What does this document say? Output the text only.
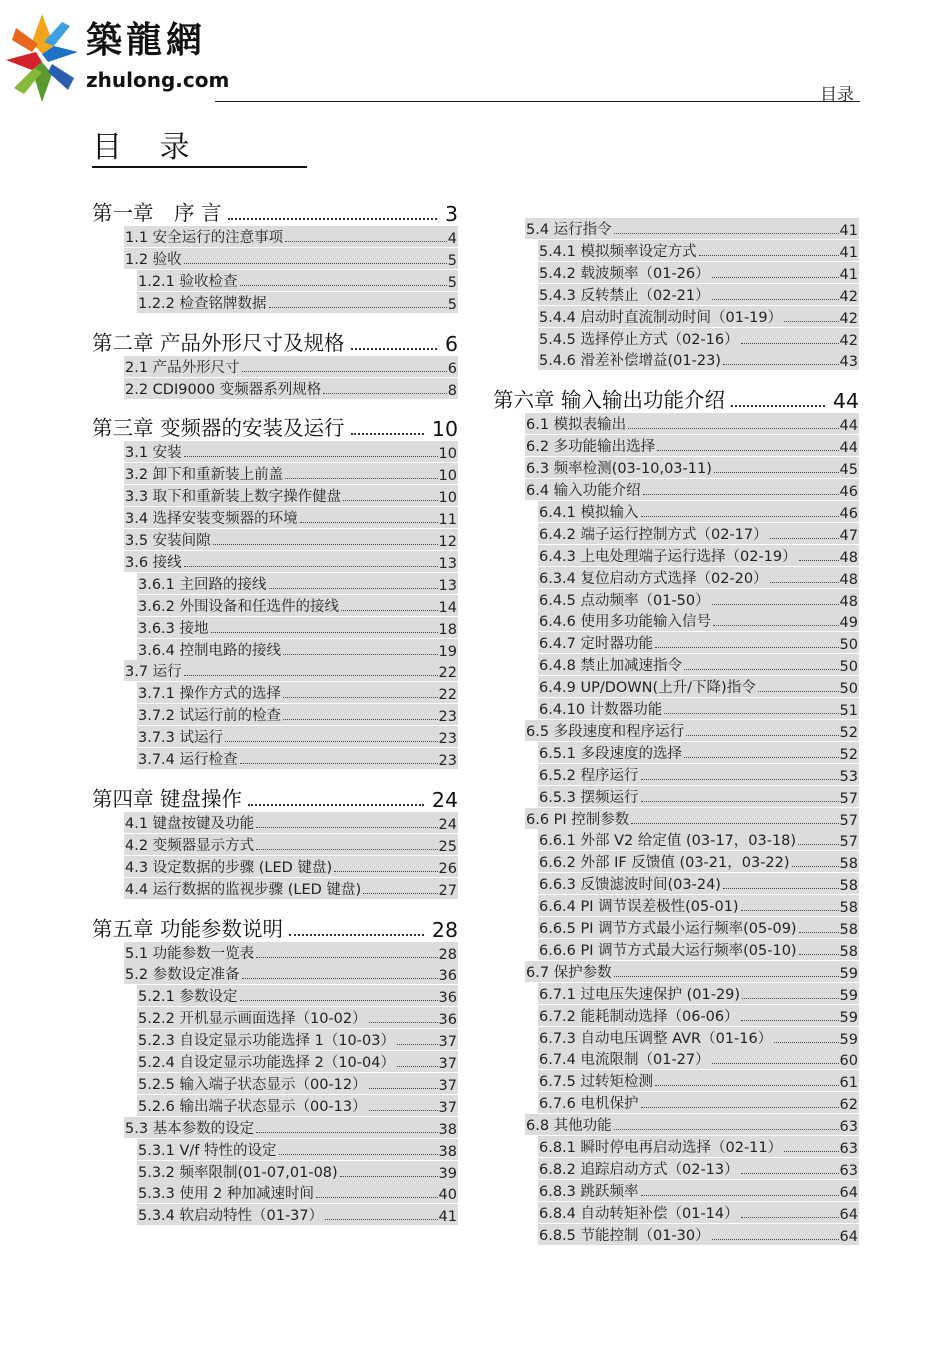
築龍網
zhulong.com
目录
目 录
第一章　序 言	3
1.1 安全运行的注意事项	4
1.2 验收	5
1.2.1 验收检查	5
1.2.2 检查铭牌数据	5
第二章 产品外形尺寸及规格	6
2.1 产品外形尺寸	6
2.2 CDI9000 变频器系列规格	8
第三章 变频器的安装及运行	10
3.1 安装	10
3.2 卸下和重新装上前盖	10
3.3 取下和重新装上数字操作健盘	10
3.4 选择安装变频器的环境	11
3.5 安装间隙	12
3.6 接线	13
3.6.1 主回路的接线	13
3.6.2 外围设备和任选件的接线	14
3.6.3 接地	18
3.6.4 控制电路的接线	19
3.7 运行	22
3.7.1 操作方式的选择	22
3.7.2 试运行前的检查	23
3.7.3 试运行	23
3.7.4 运行检查	23
第四章 键盘操作	24
4.1 键盘按键及功能	24
4.2 变频器显示方式	25
4.3 设定数据的步骤 (LED 键盘)	26
4.4 运行数据的监视步骤 (LED 键盘)	27
第五章 功能参数说明	28
5.1 功能参数一览表	28
5.2 参数设定准备	36
5.2.1 参数设定	36
5.2.2 开机显示画面选择（10-02）	36
5.2.3 自设定显示功能选择 1（10-03）	37
5.2.4 自设定显示功能选择 2（10-04）	37
5.2.5 输入端子状态显示（00-12）	37
5.2.6 输出端子状态显示（00-13）	37
5.3 基本参数的设定	38
5.3.1 V/f 特性的设定	38
5.3.2 频率限制(01-07,01-08)	39
5.3.3 使用 2 种加减速时间	40
5.3.4 软启动特性（01-37）	41
5.4 运行指令	41
5.4.1 模拟频率设定方式	41
5.4.2 载波频率（01-26）	41
5.4.3 反转禁止（02-21）	42
5.4.4 启动时直流制动时间（01-19）	42
5.4.5 选择停止方式（02-16）	42
5.4.6 滑差补偿增益(01-23)	43
第六章 输入输出功能介绍	44
6.1 模拟表输出	44
6.2 多功能输出选择	44
6.3 频率检测(03-10,03-11)	45
6.4 输入功能介绍	46
6.4.1 模拟输入	46
6.4.2 端子运行控制方式（02-17）	47
6.4.3 上电处理端子运行选择（02-19）	48
6.3.4 复位启动方式选择（02-20）	48
6.4.5 点动频率（01-50）	48
6.4.6 使用多功能输入信号	49
6.4.7 定时器功能	50
6.4.8 禁止加减速指令	50
6.4.9 UP/DOWN(上升/下降)指令	50
6.4.10 计数器功能	51
6.5 多段速度和程序运行	52
6.5.1 多段速度的选择	52
6.5.2 程序运行	53
6.5.3 摆频运行	57
6.6 PI 控制参数	57
6.6.1 外部 V2 给定值 (03-17，03-18)	57
6.6.2 外部 IF 反馈值 (03-21，03-22)	58
6.6.3 反馈滤波时间(03-24)	58
6.6.4 PI 调节误差极性(05-01)	58
6.6.5 PI 调节方式最小运行频率(05-09)	58
6.6.6 PI 调节方式最大运行频率(05-10)	58
6.7 保护参数	59
6.7.1 过电压失速保护 (01-29)	59
6.7.2 能耗制动选择（06-06）	59
6.7.3 自动电压调整 AVR（01-16）	59
6.7.4 电流限制（01-27）	60
6.7.5 过转矩检测	61
6.7.6 电机保护	62
6.8 其他功能	63
6.8.1 瞬时停电再启动选择（02-11）	63
6.8.2 追踪启动方式（02-13）	63
6.8.3 跳跃频率	64
6.8.4 自动转矩补偿（01-14）	64
6.8.5 节能控制（01-30）	64
